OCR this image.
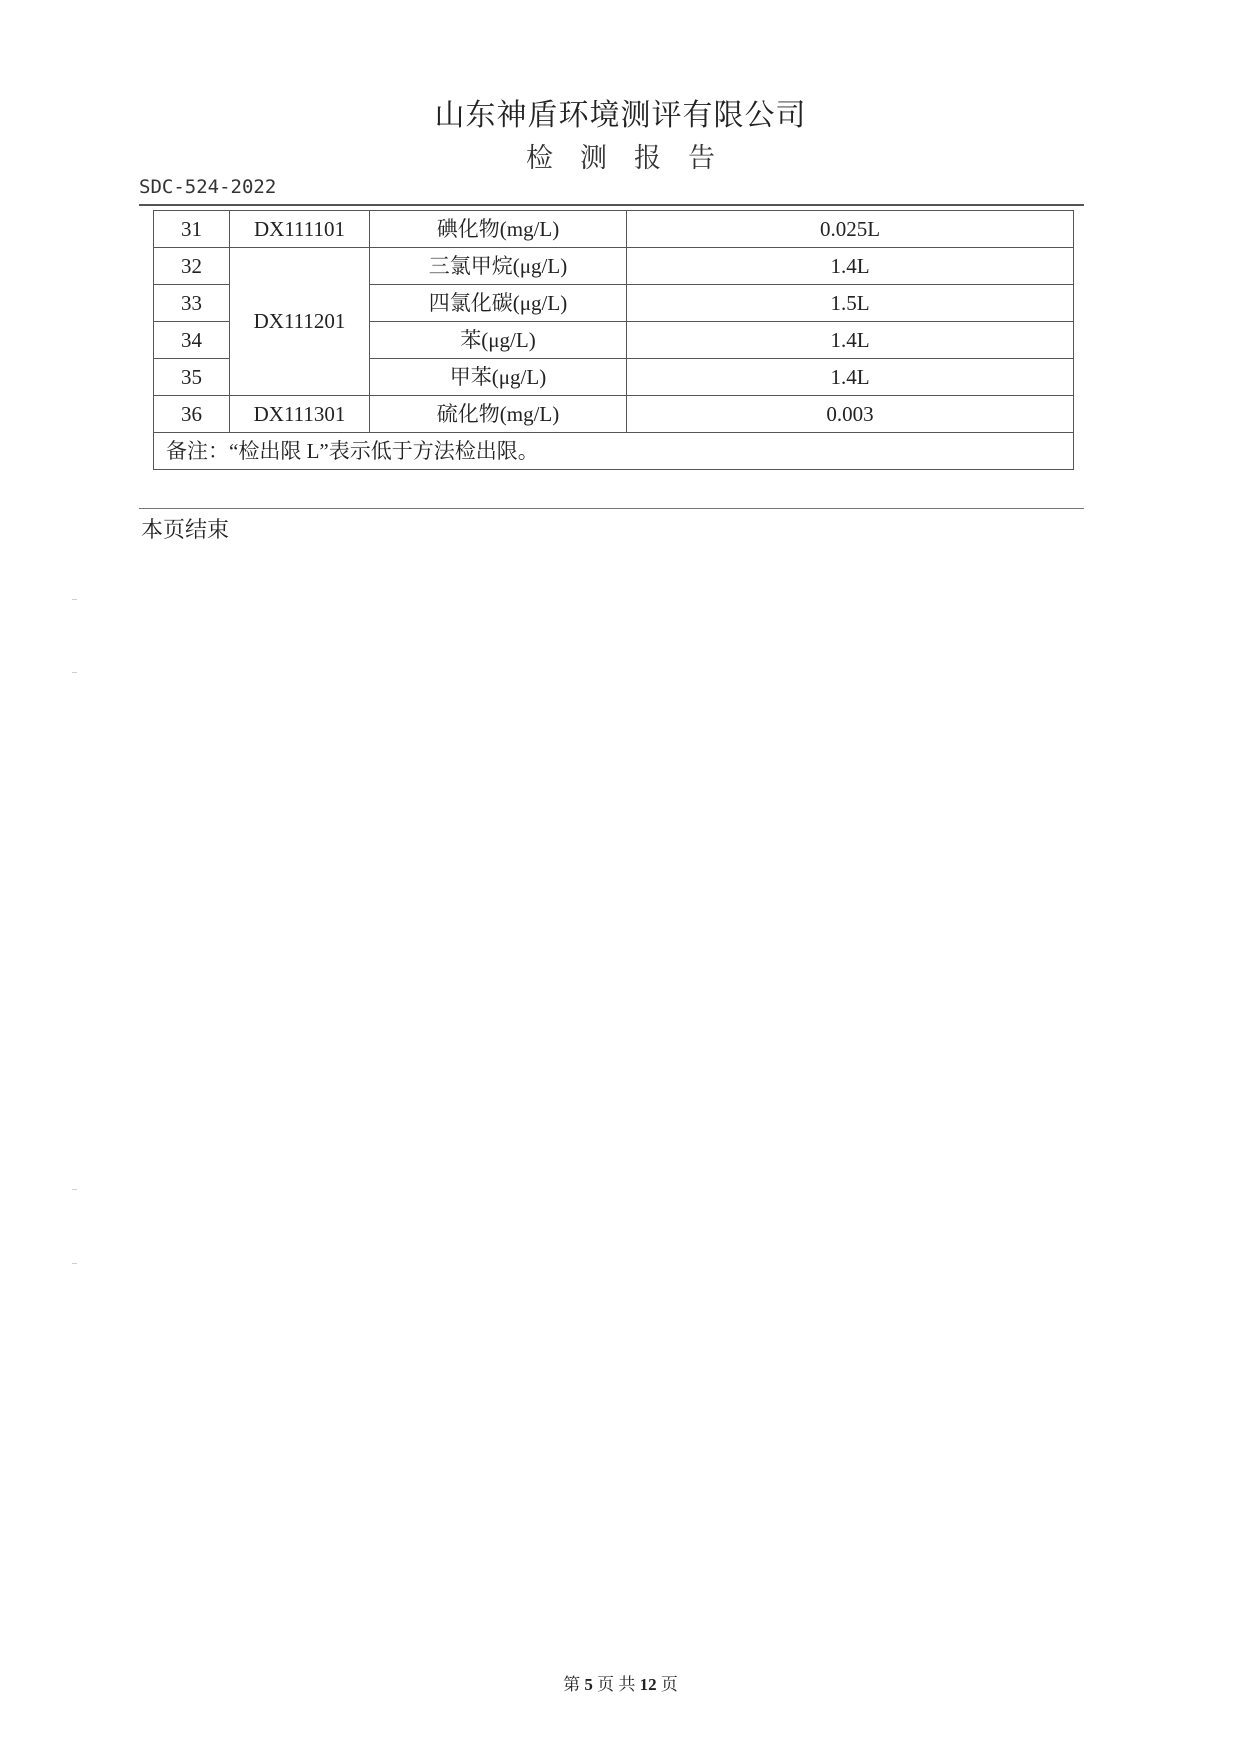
山东神盾环境测评有限公司
检测报告
SDC-524-2022
31	DX111101	碘化物(mg/L)	0.025L
32	DX111201	三氯甲烷(μg/L)	1.4L
33		四氯化碳(μg/L)	1.5L
34		苯(μg/L)	1.4L
35		甲苯(μg/L)	1.4L
36	DX111301	硫化物(mg/L)	0.003
备注：“检出限 L”表示低于方法检出限。			
本页结束
第 5 页 共 12 页
